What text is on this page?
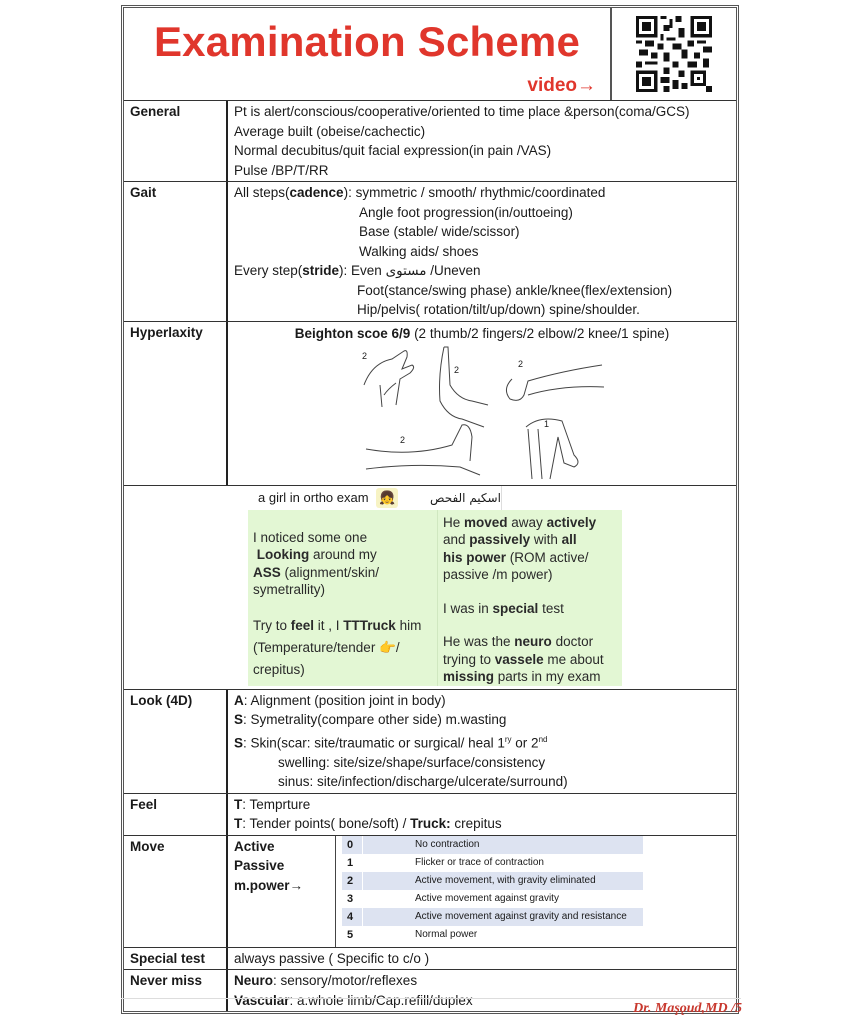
Examination Scheme
video→
General	Pt is alert/conscious/cooperative/oriented to time place &person(coma/GCS)
Average built (obeise/cachectic)
Normal decubitus/quit facial expression(in pain /VAS)
Pulse /BP/T/RR
Gait	All steps(cadence): symmetric / smooth/ rhythmic/coordinated
Angle foot progression(in/outtoeing)
Base (stable/ wide/scissor)
Walking aids/ shoes
Every step(stride): Even مستوى /Uneven
Foot(stance/swing phase) ankle/knee(flex/extension)
Hip/pelvis( rotation/tilt/up/down) spine/shoulder.
Hyperlaxity	Beighton scoe 6/9 (2 thumb/2 fingers/2 elbow/2 knee/1 spine)
2
2
2
2
1
a girl in ortho exam 👧	اسكيم الفحص
I noticed some one
Looking around my
ASS (alignment/skin/
symetrallity)
Try to feel it , I TTTruck him
(Temperature/tender 👉/
crepitus)
He moved away actively
and passively with all
his power (ROM active/
passive /m power)
I was in special test
He was the neuro doctor
trying to vassele me about
missing parts in my exam
Look (4D)	A: Alignment (position joint in body)
S: Symetrality(compare other side) m.wasting
S: Skin(scar: site/traumatic or surgical/ heal $1^{ry}$ or 2nd
swelling: site/size/shape/surface/consistency
sinus: site/infection/discharge/ulcerate/surround)
Feel	T: Temprture
T: Tender points( bone/soft) / Truck: crepitus
Move	Active
Passive
m.power→
0	No contraction
1	Flicker or trace of contraction
2	Active movement, with gravity eliminated
3	Active movement against gravity
4	Active movement against gravity and resistance
5	Normal power
Special test	always passive ( Specific to c/o )
Never miss	Neuro: sensory/motor/reflexes
Vascular: a.whole limb/Cap.refill/duplex
Dr. Maşǫud,MD /5
